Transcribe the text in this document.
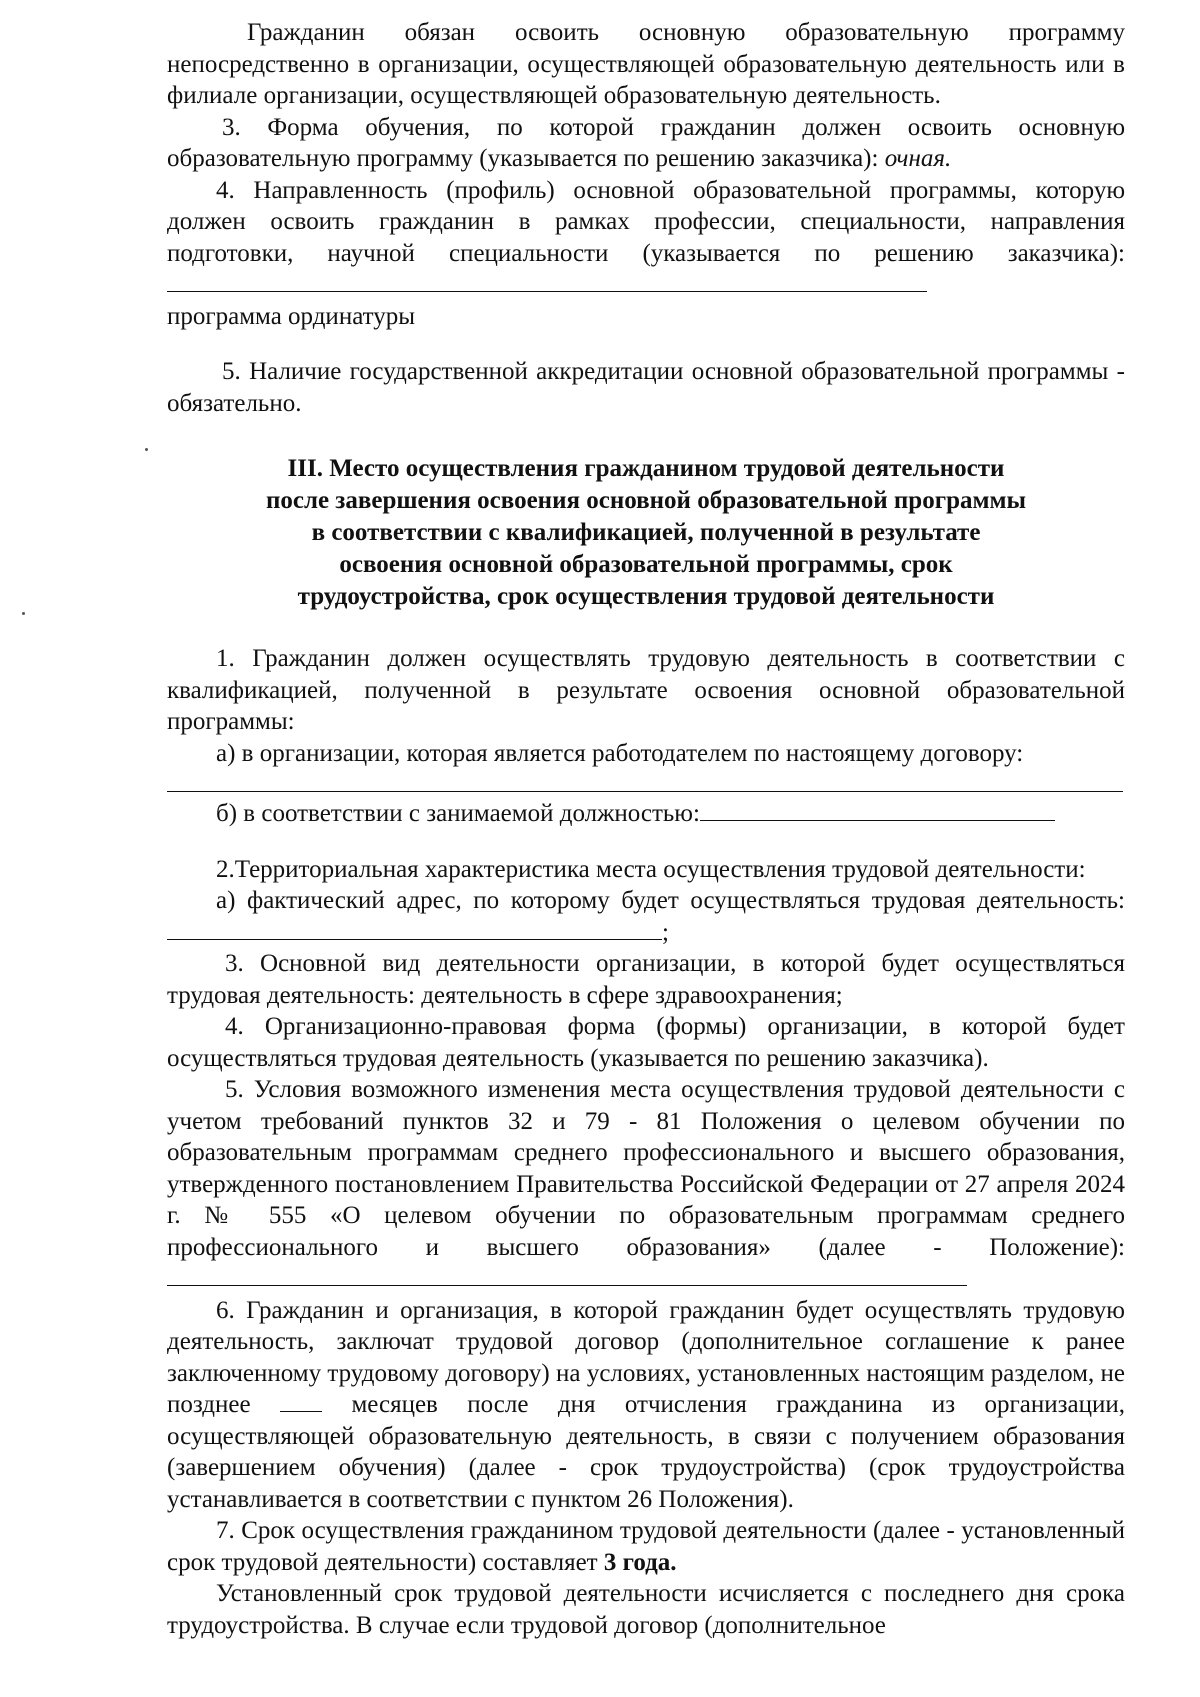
Гражданин обязан освоить основную образовательную программу непосредственно в организации, осуществляющей образовательную деятельность или в филиале организации, осуществляющей образовательную деятельность.

3. Форма обучения, по которой гражданин должен освоить основную образовательную программу (указывается по решению заказчика): очная.

4. Направленность (профиль) основной образовательной программы, которую должен освоить гражданин в рамках профессии, специальности, направления подготовки, научной специальности (указывается по решению заказчика):

программа ординатуры

5. Наличие государственной аккредитации основной образовательной программы - обязательно.

III. Место осуществления гражданином трудовой деятельности
после завершения освоения основной образовательной программы
в соответствии с квалификацией, полученной в результате
освоения основной образовательной программы, срок
трудоустройства, срок осуществления трудовой деятельности

1. Гражданин должен осуществлять трудовую деятельность в соответствии с квалификацией, полученной в результате освоения основной образовательной программы:

а) в организации, которая является работодателем по настоящему договору:

б) в соответствии с занимаемой должностью:

2.Территориальная характеристика места осуществления трудовой деятельности:

а) фактический адрес, по которому будет осуществляться трудовая деятельность:;

3. Основной вид деятельности организации, в которой будет осуществляться трудовая деятельность: деятельность в сфере здравоохранения;

4. Организационно-правовая форма (формы) организации, в которой будет осуществляться трудовая деятельность (указывается по решению заказчика).

5. Условия возможного изменения места осуществления трудовой деятельности с учетом требований пунктов 32 и 79 - 81 Положения о целевом обучении по образовательным программам среднего профессионального и высшего образования, утвержденного постановлением Правительства Российской Федерации от 27 апреля 2024 г. № 555 «О целевом обучении по образовательным программам среднего профессионального и высшего образования» (далее - Положение):

6. Гражданин и организация, в которой гражданин будет осуществлять трудовую деятельность, заключат трудовой договор (дополнительное соглашение к ранее заключенному трудовому договору) на условиях, установленных настоящим разделом, не позднее	месяцев после дня отчисления гражданина из организации, осуществляющей образовательную деятельность, в связи с получением образования (завершением обучения) (далее - срок трудоустройства) (срок трудоустройства устанавливается в соответствии с пунктом 26 Положения).

7. Срок осуществления гражданином трудовой деятельности (далее - установленный срок трудовой деятельности) составляет 3 года.

Установленный срок трудовой деятельности исчисляется с последнего дня срока трудоустройства. В случае если трудовой договор (дополнительное
